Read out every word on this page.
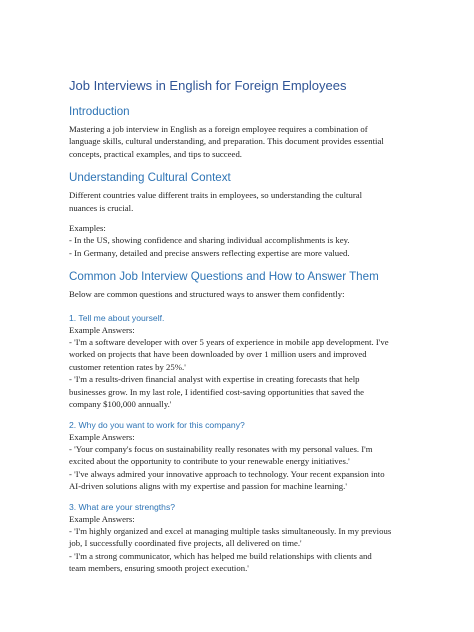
Job Interviews in English for Foreign Employees
Introduction
Mastering a job interview in English as a foreign employee requires a combination of
language skills, cultural understanding, and preparation. This document provides essential
concepts, practical examples, and tips to succeed.
Understanding Cultural Context
Different countries value different traits in employees, so understanding the cultural
nuances is crucial.
Examples:
- In the US, showing confidence and sharing individual accomplishments is key.
- In Germany, detailed and precise answers reflecting expertise are more valued.
Common Job Interview Questions and How to Answer Them
Below are common questions and structured ways to answer them confidently:
1. Tell me about yourself.
Example Answers:
- 'I'm a software developer with over 5 years of experience in mobile app development. I've
worked on projects that have been downloaded by over 1 million users and improved
customer retention rates by 25%.'
- 'I'm a results-driven financial analyst with expertise in creating forecasts that help
businesses grow. In my last role, I identified cost-saving opportunities that saved the
company $100,000 annually.'
2. Why do you want to work for this company?
Example Answers:
- 'Your company's focus on sustainability really resonates with my personal values. I'm
excited about the opportunity to contribute to your renewable energy initiatives.'
- 'I've always admired your innovative approach to technology. Your recent expansion into
AI-driven solutions aligns with my expertise and passion for machine learning.'
3. What are your strengths?
Example Answers:
- 'I'm highly organized and excel at managing multiple tasks simultaneously. In my previous
job, I successfully coordinated five projects, all delivered on time.'
- 'I'm a strong communicator, which has helped me build relationships with clients and
team members, ensuring smooth project execution.'
